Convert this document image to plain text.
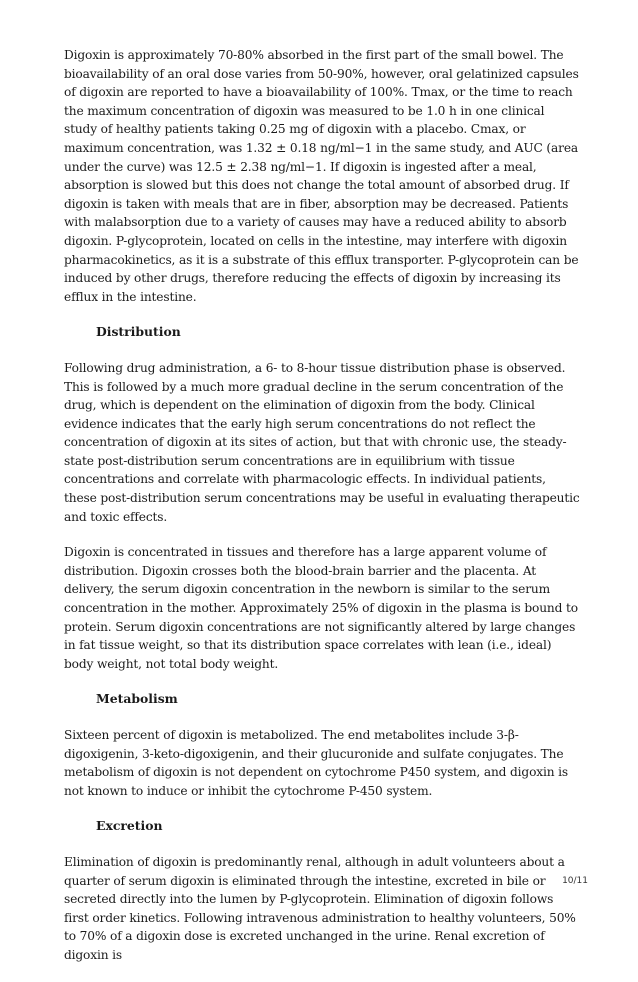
Digoxin is approximately 70-80% absorbed in the first part of the small bowel. The bioavailability of an oral dose varies from 50-90%, however, oral gelatinized capsules of digoxin are reported to have a bioavailability of 100%. Tmax, or the time to reach the maximum concentration of digoxin was measured to be 1.0 h in one clinical study of healthy patients taking 0.25 mg of digoxin with a placebo. Cmax, or maximum concentration, was 1.32 ± 0.18 ng/ml−1 in the same study, and AUC (area under the curve) was 12.5 ± 2.38 ng/ml−1. If digoxin is ingested after a meal, absorption is slowed but this does not change the total amount of absorbed drug. If digoxin is taken with meals that are in fiber, absorption may be decreased. Patients with malabsorption due to a variety of causes may have a reduced ability to absorb digoxin. P-glycoprotein, located on cells in the intestine, may interfere with digoxin pharmacokinetics, as it is a substrate of this efflux transporter. P-glycoprotein can be induced by other drugs, therefore reducing the effects of digoxin by increasing its efflux in the intestine.

Distribution

Following drug administration, a 6- to 8-hour tissue distribution phase is observed. This is followed by a much more gradual decline in the serum concentration of the drug, which is dependent on the elimination of digoxin from the body. Clinical evidence indicates that the early high serum concentrations do not reflect the concentration of digoxin at its sites of action, but that with chronic use, the steady-state post-distribution serum concentrations are in equilibrium with tissue concentrations and correlate with pharmacologic effects. In individual patients, these post-distribution serum concentrations may be useful in evaluating therapeutic and toxic effects.

Digoxin is concentrated in tissues and therefore has a large apparent volume of distribution. Digoxin crosses both the blood-brain barrier and the placenta. At delivery, the serum digoxin concentration in the newborn is similar to the serum concentration in the mother. Approximately 25% of digoxin in the plasma is bound to protein. Serum digoxin concentrations are not significantly altered by large changes in fat tissue weight, so that its distribution space correlates with lean (i.e., ideal) body weight, not total body weight.

Metabolism

Sixteen percent of digoxin is metabolized. The end metabolites include 3-β-digoxigenin, 3-keto-digoxigenin, and their glucuronide and sulfate conjugates. The metabolism of digoxin is not dependent on cytochrome P450 system, and digoxin is not known to induce or inhibit the cytochrome P-450 system.

Excretion

Elimination of digoxin is predominantly renal, although in adult volunteers about a quarter of serum digoxin is eliminated through the intestine, excreted in bile or secreted directly into the lumen by P-glycoprotein. Elimination of digoxin follows first order kinetics. Following intravenous administration to healthy volunteers, 50% to 70% of a digoxin dose is excreted unchanged in the urine. Renal excretion of digoxin is

10/11
